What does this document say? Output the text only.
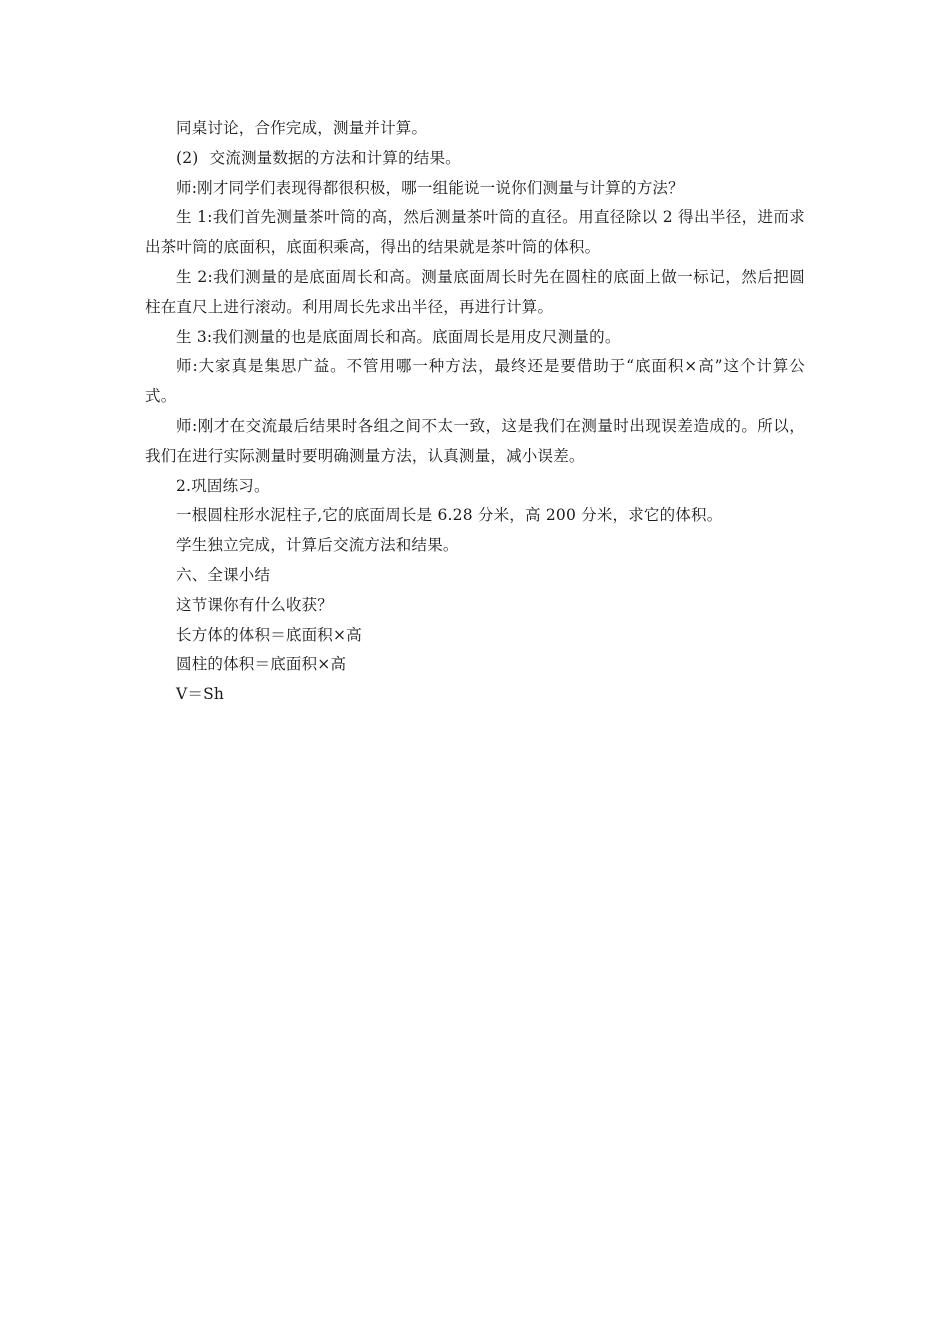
同桌讨论，合作完成，测量并计算。

(2) 交流测量数据的方法和计算的结果。

师:刚才同学们表现得都很积极，哪一组能说一说你们测量与计算的方法？

生 1:我们首先测量茶叶筒的高，然后测量茶叶筒的直径。用直径除以 2 得出半径，进而求出茶叶筒的底面积，底面积乘高，得出的结果就是茶叶筒的体积。

生 2:我们测量的是底面周长和高。测量底面周长时先在圆柱的底面上做一标记，然后把圆柱在直尺上进行滚动。利用周长先求出半径，再进行计算。

生 3:我们测量的也是底面周长和高。底面周长是用皮尺测量的。

师:大家真是集思广益。不管用哪一种方法，最终还是要借助于“底面积×高”这个计算公式。

师:刚才在交流最后结果时各组之间不太一致，这是我们在测量时出现误差造成的。所以，我们在进行实际测量时要明确测量方法，认真测量，减小误差。

2.巩固练习。

一根圆柱形水泥柱子,它的底面周长是 6.28 分米，高 200 分米，求它的体积。

学生独立完成，计算后交流方法和结果。

六、全课小结

这节课你有什么收获？

长方体的体积＝底面积×高

圆柱的体积＝底面积×高

V＝Sh
